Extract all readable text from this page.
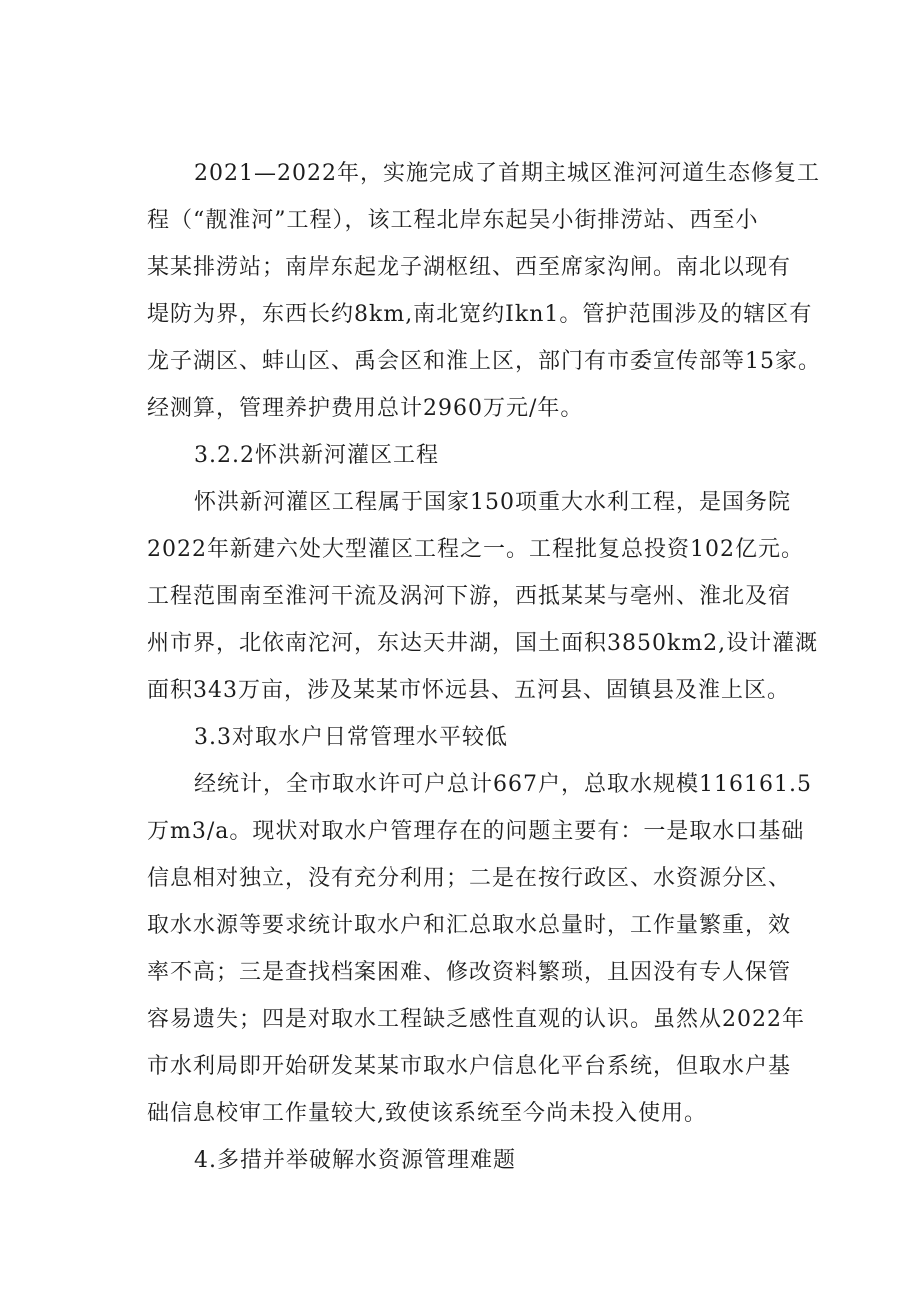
2021—2022年，实施完成了首期主城区淮河河道生态修复工
程（“靓淮河”工程），该工程北岸东起吴小街排涝站、西至小
某某排涝站；南岸东起龙子湖枢纽、西至席家沟闸。南北以现有
堤防为界，东西长约8km,南北宽约Ikn1。管护范围涉及的辖区有
龙子湖区、蚌山区、禹会区和淮上区，部门有市委宣传部等15家。
经测算，管理养护费用总计2960万元/年。
3.2.2怀洪新河灌区工程
怀洪新河灌区工程属于国家150项重大水利工程，是国务院
2022年新建六处大型灌区工程之一。工程批复总投资102亿元。
工程范围南至淮河干流及涡河下游，西抵某某与亳州、淮北及宿
州市界，北依南沱河，东达天井湖，国土面积3850km2,设计灌溉
面积343万亩，涉及某某市怀远县、五河县、固镇县及淮上区。
3.3对取水户日常管理水平较低
经统计，全市取水许可户总计667户，总取水规模116161.5
万m3/a。现状对取水户管理存在的问题主要有：一是取水口基础
信息相对独立，没有充分利用；二是在按行政区、水资源分区、
取水水源等要求统计取水户和汇总取水总量时，工作量繁重，效
率不高；三是查找档案困难、修改资料繁琐，且因没有专人保管
容易遗失；四是对取水工程缺乏感性直观的认识。虽然从2022年
市水利局即开始研发某某市取水户信息化平台系统，但取水户基
础信息校审工作量较大,致使该系统至今尚未投入使用。
4.多措并举破解水资源管理难题
